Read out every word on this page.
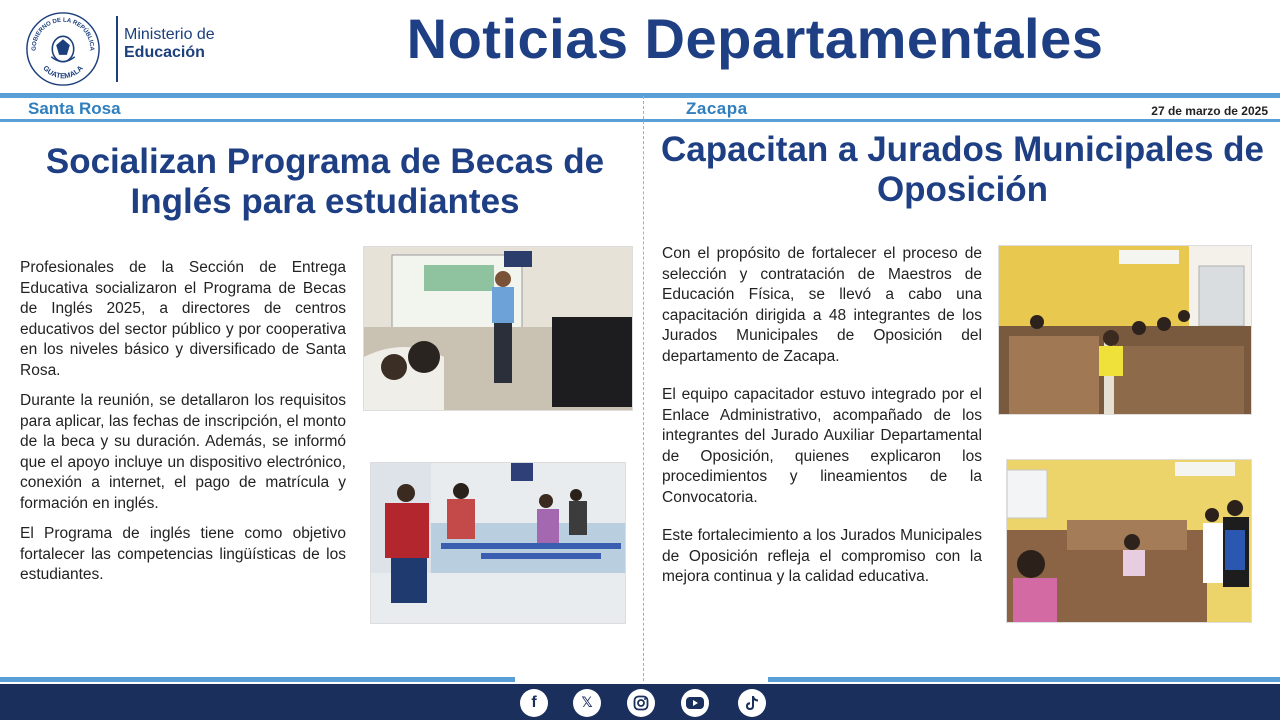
GOBIERNO DE LA REPÚBLICA
GUATEMALA
Ministerio de
Educación	Noticias Departamentales
Santa Rosa	Zacapa	27 de marzo de 2025
Socializan Programa de Becas de Inglés para estudiantes

Profesionales de la Sección de Entrega Educativa socializaron el Programa de Becas de Inglés 2025, a directores de centros educativos del sector público y por cooperativa en los niveles básico y diversificado de Santa Rosa.

Durante la reunión, se detallaron los requisitos para aplicar, las fechas de inscripción, el monto de la beca y su duración. Además, se informó que el apoyo incluye un dispositivo electrónico, conexión a internet, el pago de matrícula y formación en inglés.

El Programa de inglés tiene como objetivo fortalecer las competencias lingüísticas de los estudiantes.

Capacitan a Jurados Municipales de Oposición

Con el propósito de fortalecer el proceso de selección y contratación de Maestros de Educación Física, se llevó a cabo una capacitación dirigida a 48 integrantes de los Jurados Municipales de Oposición del departamento de Zacapa.

El equipo capacitador estuvo integrado por el Enlace Administrativo, acompañado de los integrantes del Jurado Auxiliar Departamental de Oposición, quienes explicaron los procedimientos y lineamientos de la Convocatoria.

Este fortalecimiento a los Jurados Municipales de Oposición refleja el compromiso con la mejora continua y la calidad educativa.

f	𝕏
